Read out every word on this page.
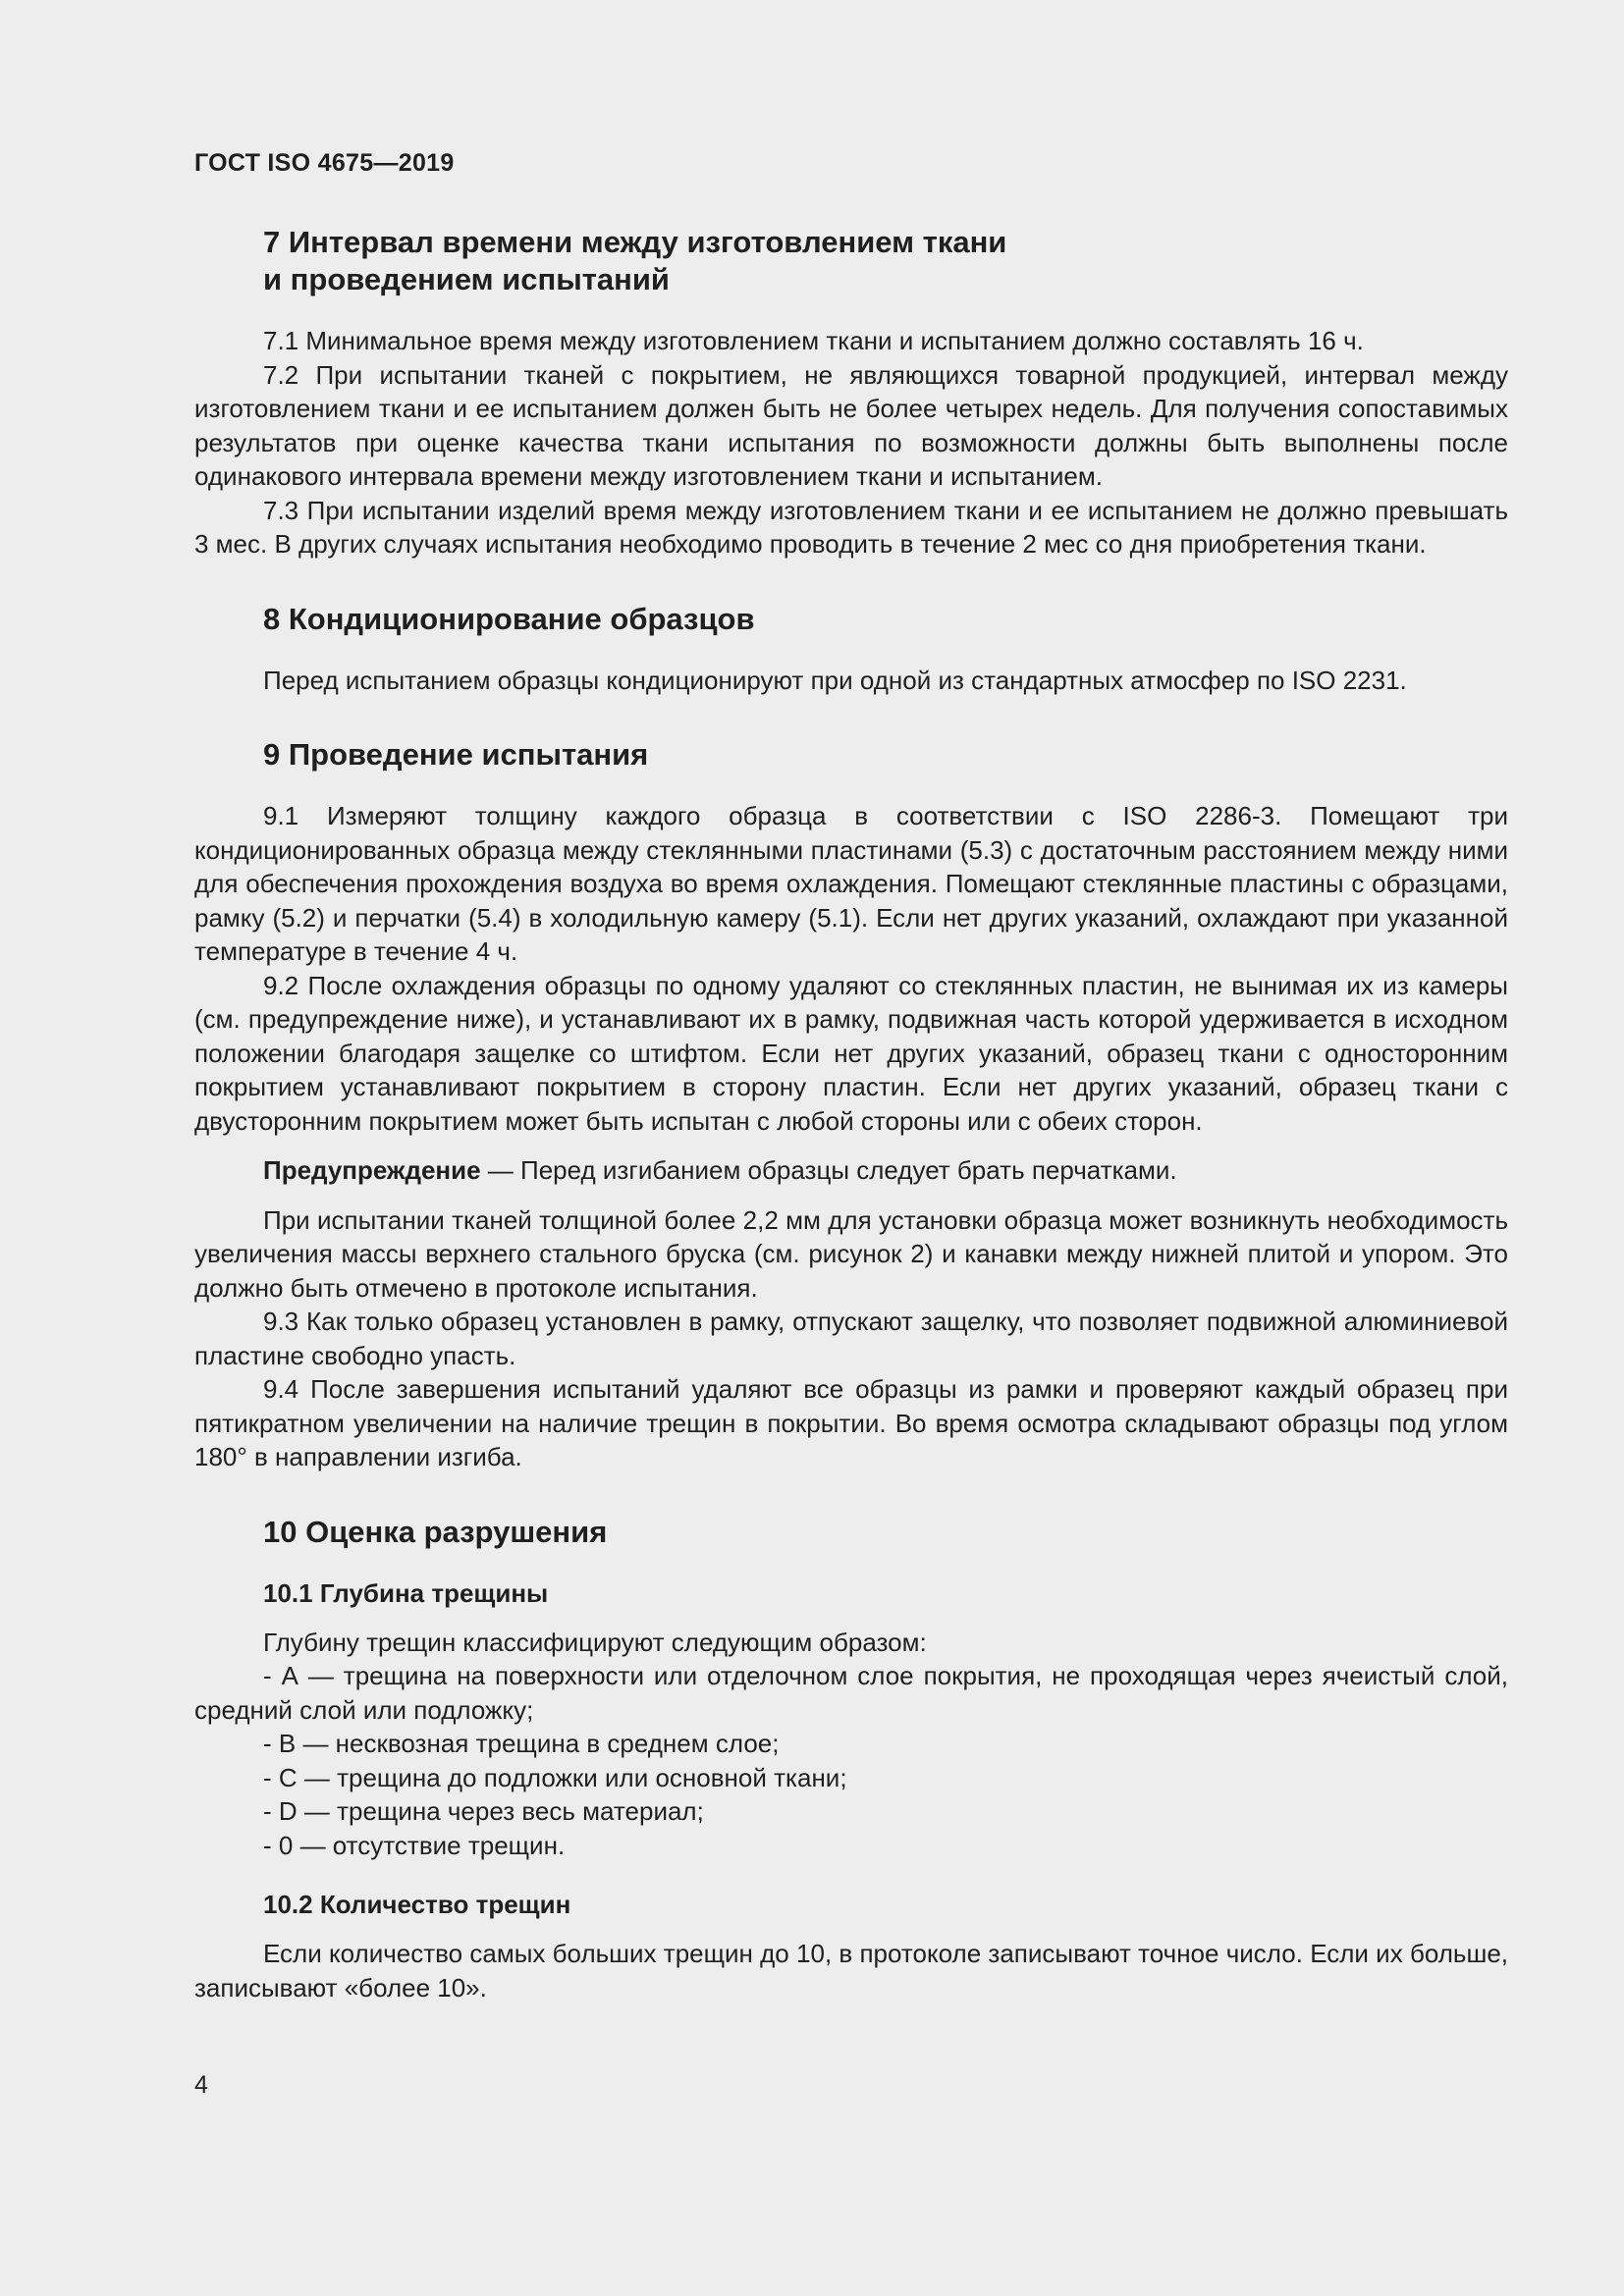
ГОСТ ISO 4675—2019
7 Интервал времени между изготовлением ткани
и проведением испытаний

7.1 Минимальное время между изготовлением ткани и испытанием должно составлять 16 ч.

7.2 При испытании тканей с покрытием, не являющихся товарной продукцией, интервал между изготовлением ткани и ее испытанием должен быть не более четырех недель. Для получения сопоставимых результатов при оценке качества ткани испытания по возможности должны быть выполнены после одинакового интервала времени между изготовлением ткани и испытанием.

7.3 При испытании изделий время между изготовлением ткани и ее испытанием не должно превышать 3 мес. В других случаях испытания необходимо проводить в течение 2 мес со дня приобретения ткани.

8 Кондиционирование образцов

Перед испытанием образцы кондиционируют при одной из стандартных атмосфер по ISO 2231.

9 Проведение испытания

9.1 Измеряют толщину каждого образца в соответствии с ISO 2286-3. Помещают три кондиционированных образца между стеклянными пластинами (5.3) с достаточным расстоянием между ними для обеспечения прохождения воздуха во время охлаждения. Помещают стеклянные пластины с образцами, рамку (5.2) и перчатки (5.4) в холодильную камеру (5.1). Если нет других указаний, охлаждают при указанной температуре в течение 4 ч.

9.2 После охлаждения образцы по одному удаляют со стеклянных пластин, не вынимая их из камеры (см. предупреждение ниже), и устанавливают их в рамку, подвижная часть которой удерживается в исходном положении благодаря защелке со штифтом. Если нет других указаний, образец ткани с односторонним покрытием устанавливают покрытием в сторону пластин. Если нет других указаний, образец ткани с двусторонним покрытием может быть испытан с любой стороны или с обеих сторон.

Предупреждение — Перед изгибанием образцы следует брать перчатками.

При испытании тканей толщиной более 2,2 мм для установки образца может возникнуть необходимость увеличения массы верхнего стального бруска (см. рисунок 2) и канавки между нижней плитой и упором. Это должно быть отмечено в протоколе испытания.

9.3 Как только образец установлен в рамку, отпускают защелку, что позволяет подвижной алюминиевой пластине свободно упасть.

9.4 После завершения испытаний удаляют все образцы из рамки и проверяют каждый образец при пятикратном увеличении на наличие трещин в покрытии. Во время осмотра складывают образцы под углом 180° в направлении изгиба.

10 Оценка разрушения
10.1 Глубина трещины

Глубину трещин классифицируют следующим образом:

- А — трещина на поверхности или отделочном слое покрытия, не проходящая через ячеистый слой, средний слой или подложку;

- В — несквозная трещина в среднем слое;

- С — трещина до подложки или основной ткани;

- D — трещина через весь материал;

- 0 — отсутствие трещин.

10.2 Количество трещин

Если количество самых больших трещин до 10, в протоколе записывают точное число. Если их больше, записывают «более 10».

4
